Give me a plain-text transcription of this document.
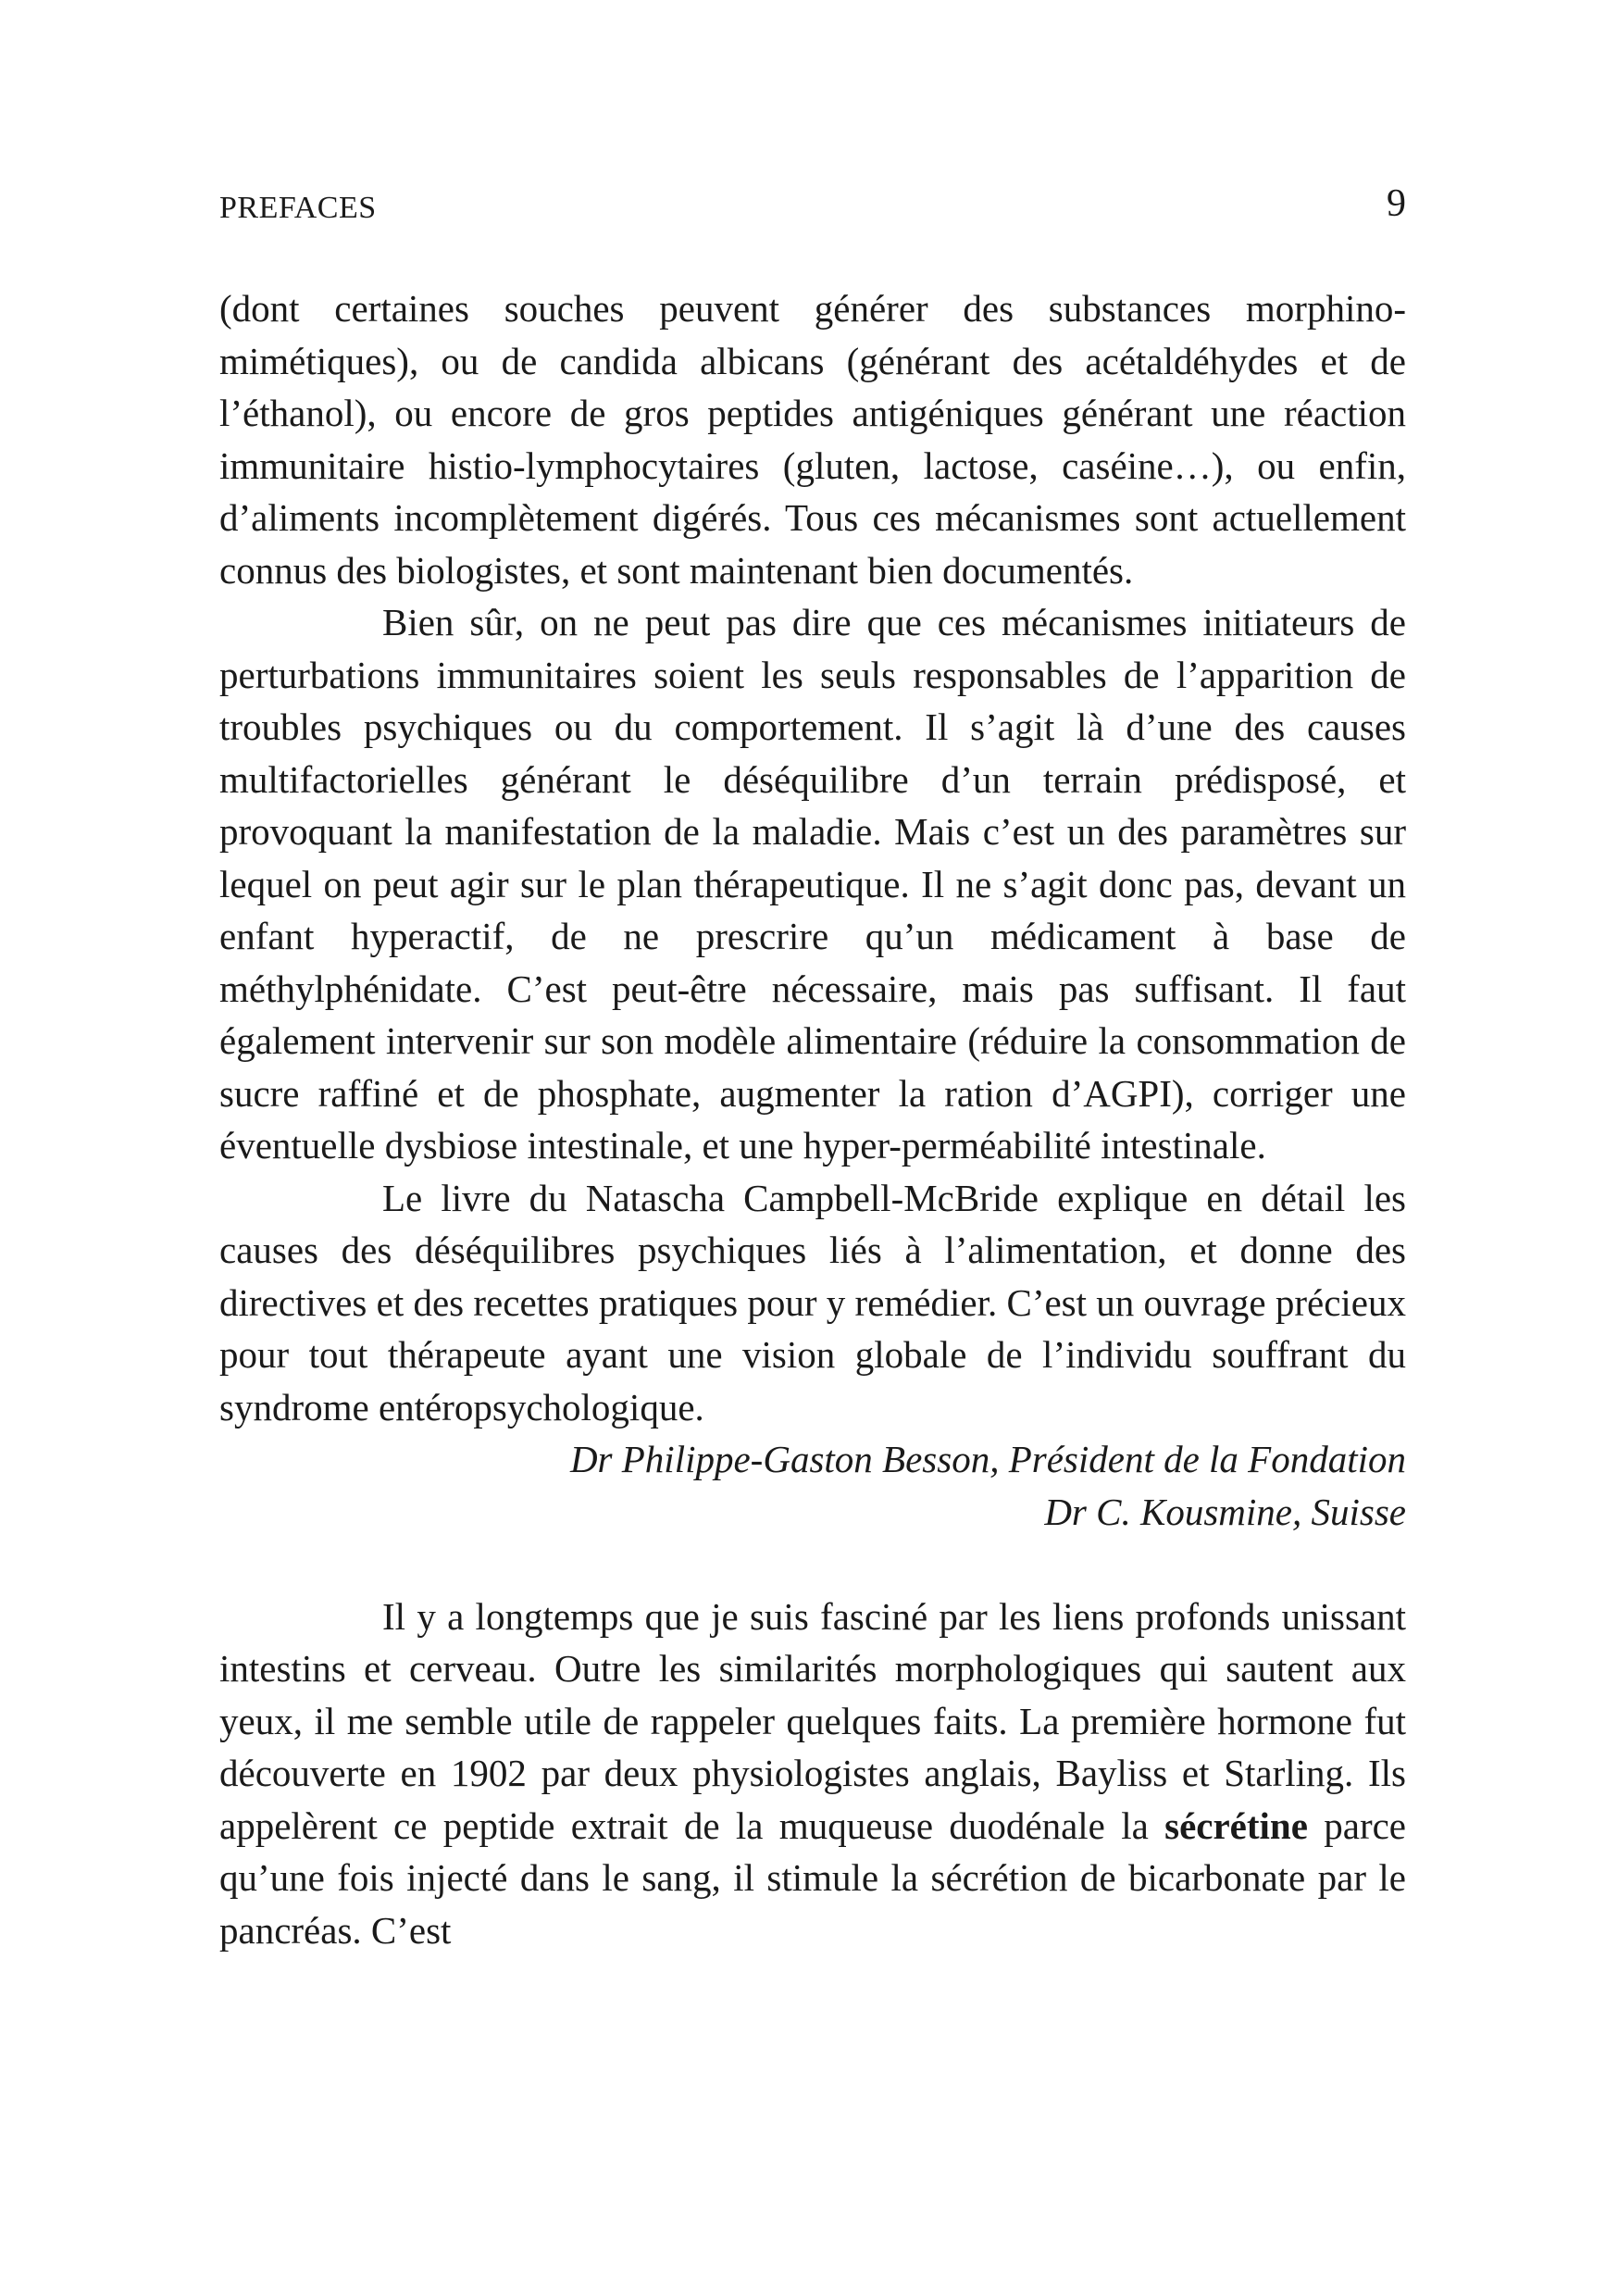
PREFACES	9

(dont certaines souches peuvent générer des substances morphinomimétiques), ou de candida albicans (générant des acétaldéhydes et de l’éthanol), ou encore de gros peptides antigéniques générant une réaction immunitaire histio-lymphocytaires (gluten, lactose, caséine…), ou enfin, d’aliments incomplètement digérés. Tous ces mécanismes sont actuellement connus des biologistes, et sont maintenant bien documentés.

Bien sûr, on ne peut pas dire que ces mécanismes initiateurs de perturbations immunitaires soient les seuls responsables de l’apparition de troubles psychiques ou du comportement. Il s’agit là d’une des causes multifactorielles générant le déséquilibre d’un terrain prédisposé, et provoquant la manifestation de la maladie. Mais c’est un des paramètres sur lequel on peut agir sur le plan thérapeutique. Il ne s’agit donc pas, devant un enfant hyperactif, de ne prescrire qu’un médicament à base de méthylphénidate. C’est peut-être nécessaire, mais pas suffisant. Il faut également intervenir sur son modèle alimentaire (réduire la consommation de sucre raffiné et de phosphate, augmenter la ration d’AGPI), corriger une éventuelle dysbiose intestinale, et une hyper-perméabilité intestinale.

Le livre du Natascha Campbell-McBride explique en détail les causes des déséquilibres psychiques liés à l’alimentation, et donne des directives et des recettes pratiques pour y remédier. C’est un ouvrage précieux pour tout thérapeute ayant une vision globale de l’individu souffrant du syndrome entéropsychologique.

Dr Philippe-Gaston Besson, Président de la Fondation

Dr C. Kousmine, Suisse

Il y a longtemps que je suis fasciné par les liens profonds unissant intestins et cerveau. Outre les similarités morphologiques qui sautent aux yeux, il me semble utile de rappeler quelques faits. La première hormone fut découverte en 1902 par deux physiologistes anglais, Bayliss et Starling. Ils appelèrent ce peptide extrait de la muqueuse duodénale la sécrétine parce qu’une fois injecté dans le sang, il stimule la sécrétion de bicarbonate par le pancréas. C’est
